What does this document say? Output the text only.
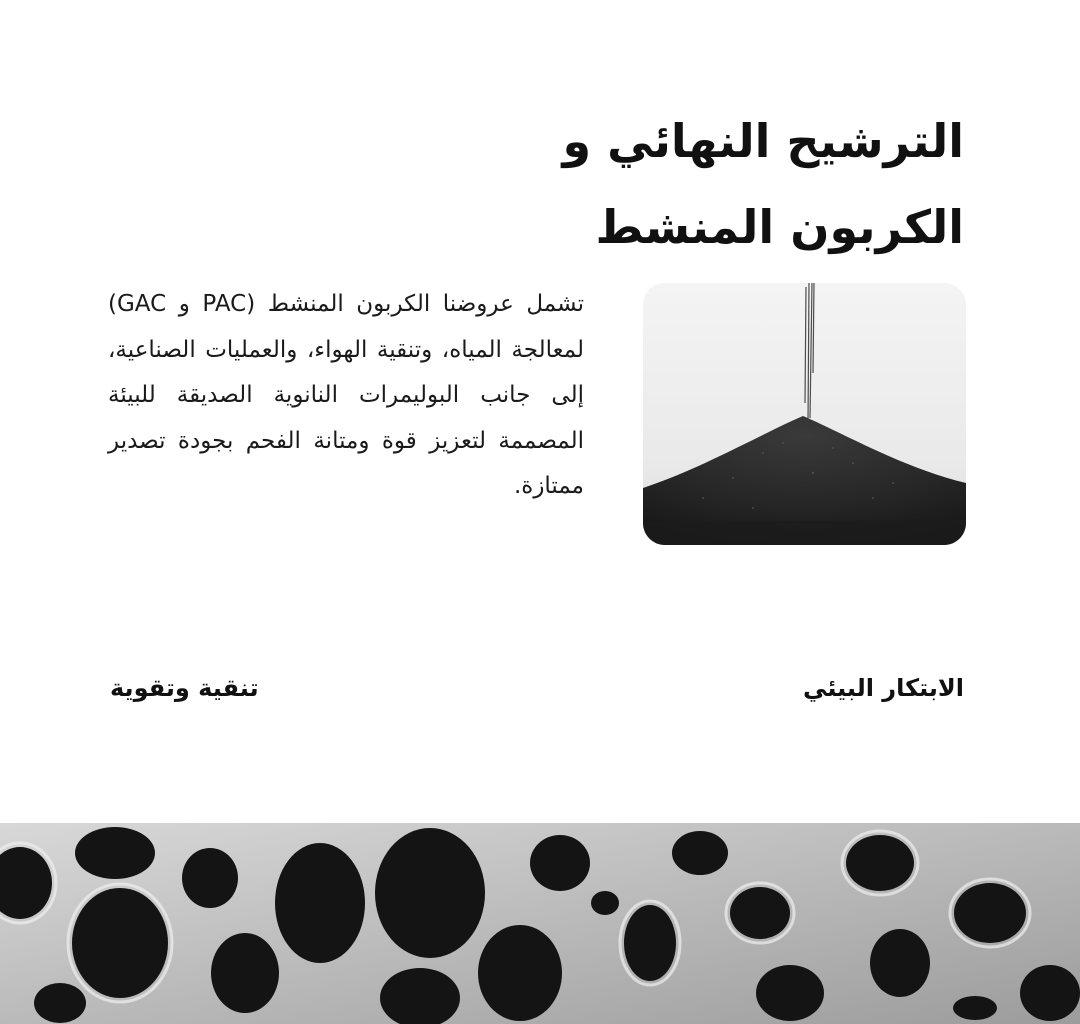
الترشيح النهائي و
الكربون المنشط

تشمل عروضنا الكربون المنشط (PAC و GAC) لمعالجة المياه، وتنقية الهواء، والعمليات الصناعية، إلى جانب البوليمرات النانوية الصديقة للبيئة المصممة لتعزيز قوة ومتانة الفحم بجودة تصدير ممتازة.

الابتكار البيئي

تنقية وتقوية
